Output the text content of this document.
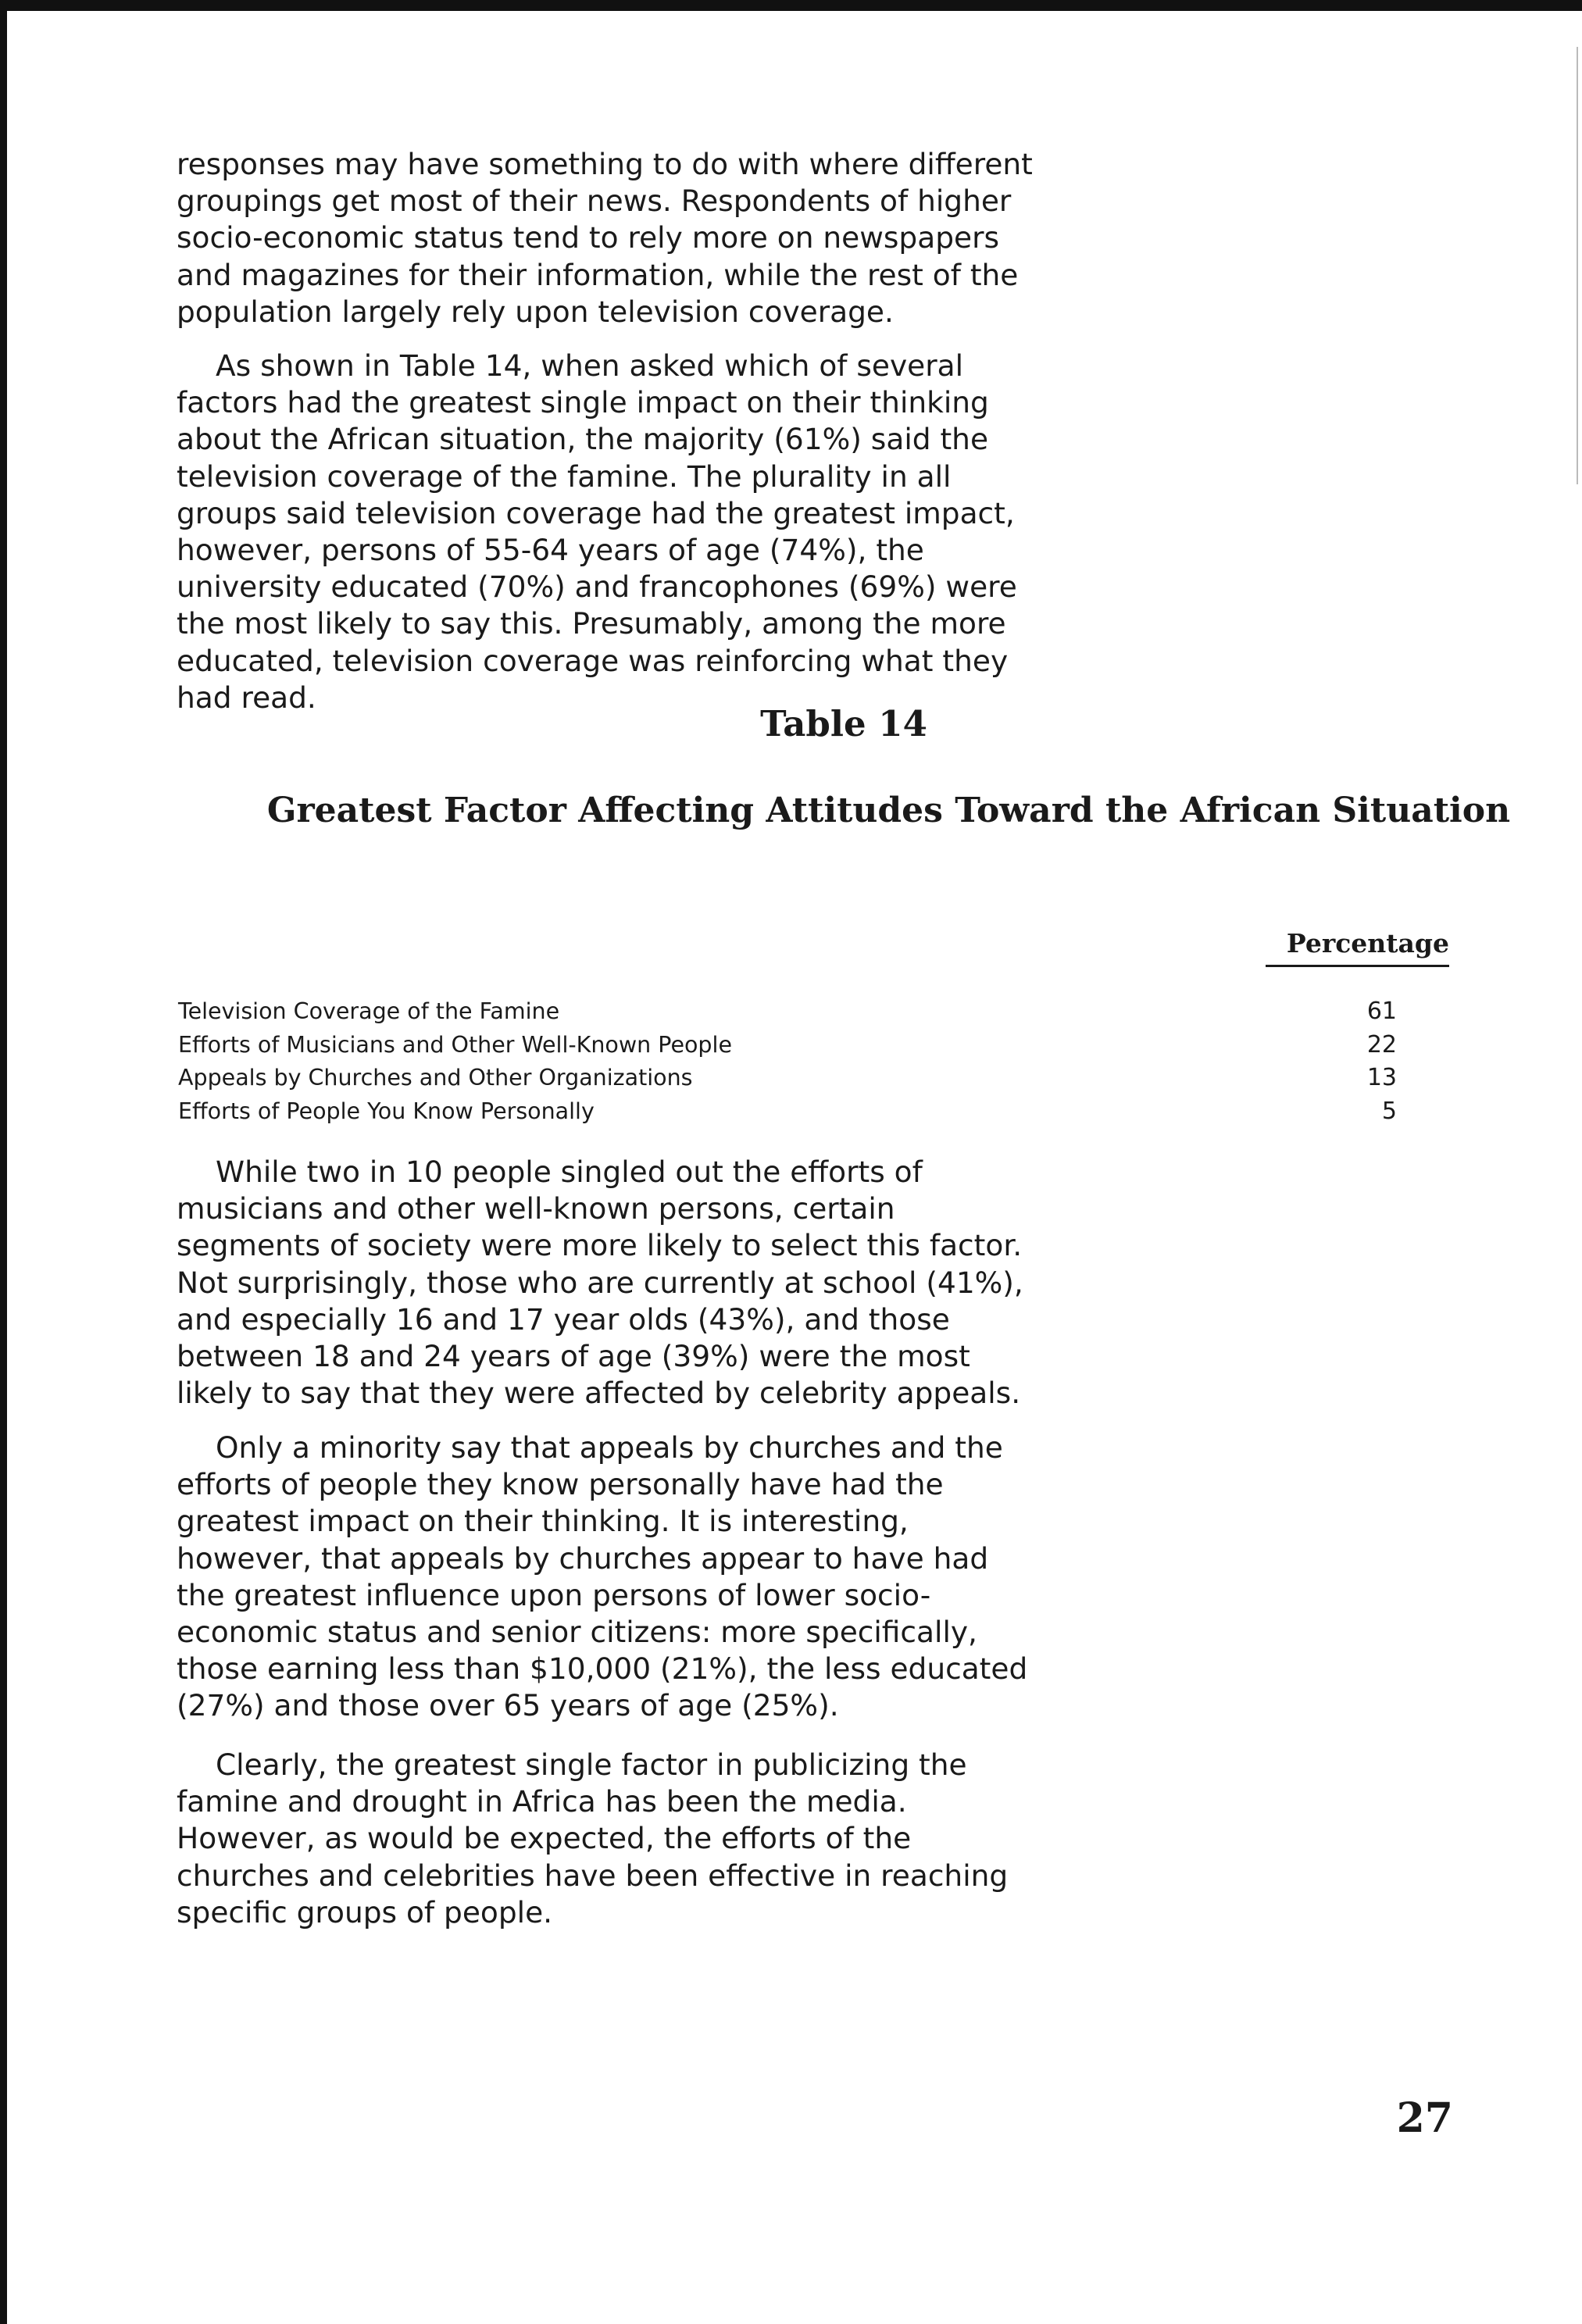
responses may have something to do with where different groupings get most of their news. Respondents of higher socio-economic status tend to rely more on newspapers and magazines for their information, while the rest of the population largely rely upon television coverage.

As shown in Table 14, when asked which of several factors had the greatest single impact on their thinking about the African situation, the majority (61%) said the television coverage of the famine. The plurality in all groups said television coverage had the greatest impact, however, persons of 55-64 years of age (74%), the university educated (70%) and francophones (69%) were the most likely to say this. Presumably, among the more educated, television coverage was reinforcing what they had read.

Table 14
Greatest Factor Affecting Attitudes Toward the African Situation
Percentage
Television Coverage of the Famine	61
Efforts of Musicians and Other Well-Known People	22
Appeals by Churches and Other Organizations	13
Efforts of People You Know Personally	5

While two in 10 people singled out the efforts of musicians and other well-known persons, certain segments of society were more likely to select this factor. Not surprisingly, those who are currently at school (41%), and especially 16 and 17 year olds (43%), and those between 18 and 24 years of age (39%) were the most likely to say that they were affected by celebrity appeals.

Only a minority say that appeals by churches and the efforts of people they know personally have had the greatest impact on their thinking. It is interesting, however, that appeals by churches appear to have had the greatest influence upon persons of lower socio-economic status and senior citizens: more specifically, those earning less than $10,000 (21%), the less educated (27%) and those over 65 years of age (25%).

Clearly, the greatest single factor in publicizing the famine and drought in Africa has been the media. However, as would be expected, the efforts of the churches and celebrities have been effective in reaching specific groups of people.

27
